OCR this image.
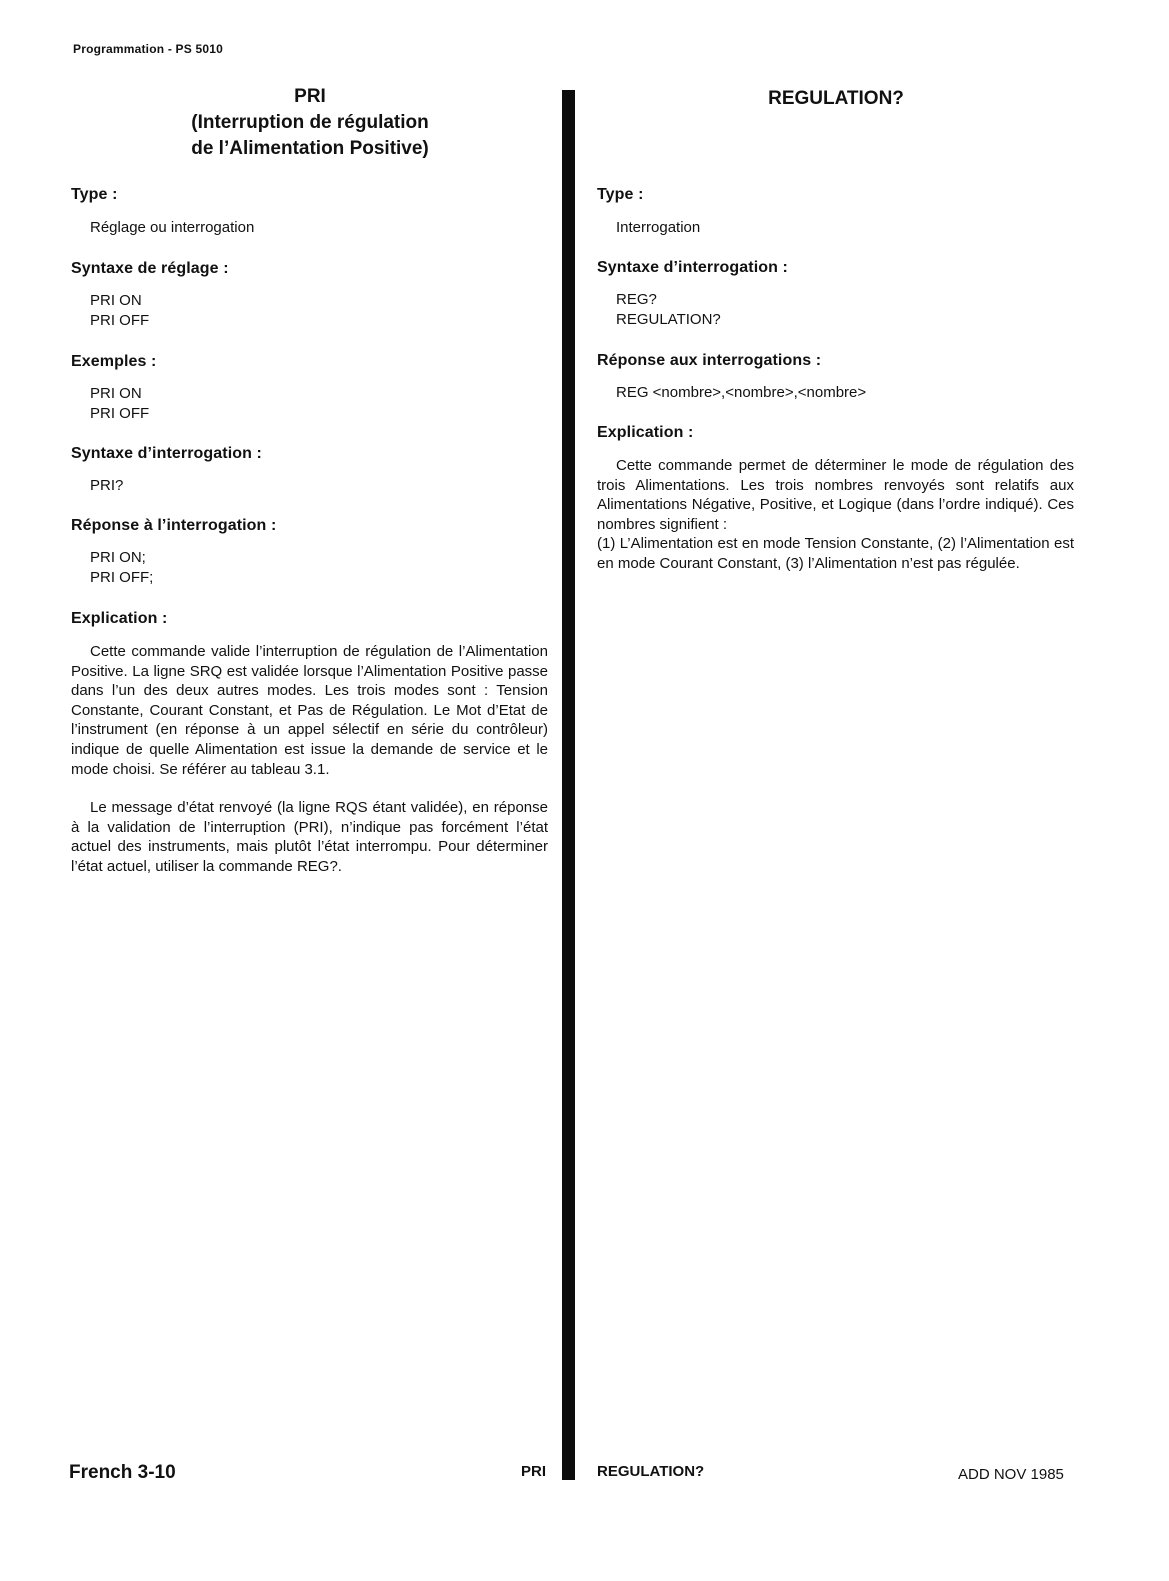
Programmation - PS 5010
PRI
(Interruption de régulation
de l’Alimentation Positive)
Type :
Réglage ou interrogation
Syntaxe de réglage :
PRI ON
PRI OFF
Exemples :
PRI ON
PRI OFF
Syntaxe d’interrogation :
PRI?
Réponse à l’interrogation :
PRI ON;
PRI OFF;
Explication :

Cette commande valide l’interruption de régulation de l’Alimentation Positive. La ligne SRQ est validée lorsque l’Alimentation Positive passe dans l’un des deux autres modes. Les trois modes sont : Tension Constante, Courant Constant, et Pas de Régulation. Le Mot d’Etat de l’instrument (en réponse à un appel sélectif en série du contrôleur) indique de quelle Alimentation est issue la demande de service et le mode choisi. Se référer au tableau 3.1.

Le message d’état renvoyé (la ligne RQS étant validée), en réponse à la validation de l’interruption (PRI), n’indique pas forcément l’état actuel des instruments, mais plutôt l’état interrompu. Pour déterminer l’état actuel, utiliser la commande REG?.

REGULATION?
Type :
Interrogation
Syntaxe d’interrogation :
REG?
REGULATION?
Réponse aux interrogations :
REG <nombre>,<nombre>,<nombre>
Explication :

Cette commande permet de déterminer le mode de régulation des trois Alimentations. Les trois nombres renvoyés sont relatifs aux Alimentations Négative, Positive, et Logique (dans l’ordre indiqué). Ces nombres signifient :

(1) L’Alimentation est en mode Tension Constante, (2) l’Alimentation est en mode Courant Constant, (3) l’Alimentation n’est pas régulée.

French 3-10	PRI	REGULATION?	ADD NOV 1985
